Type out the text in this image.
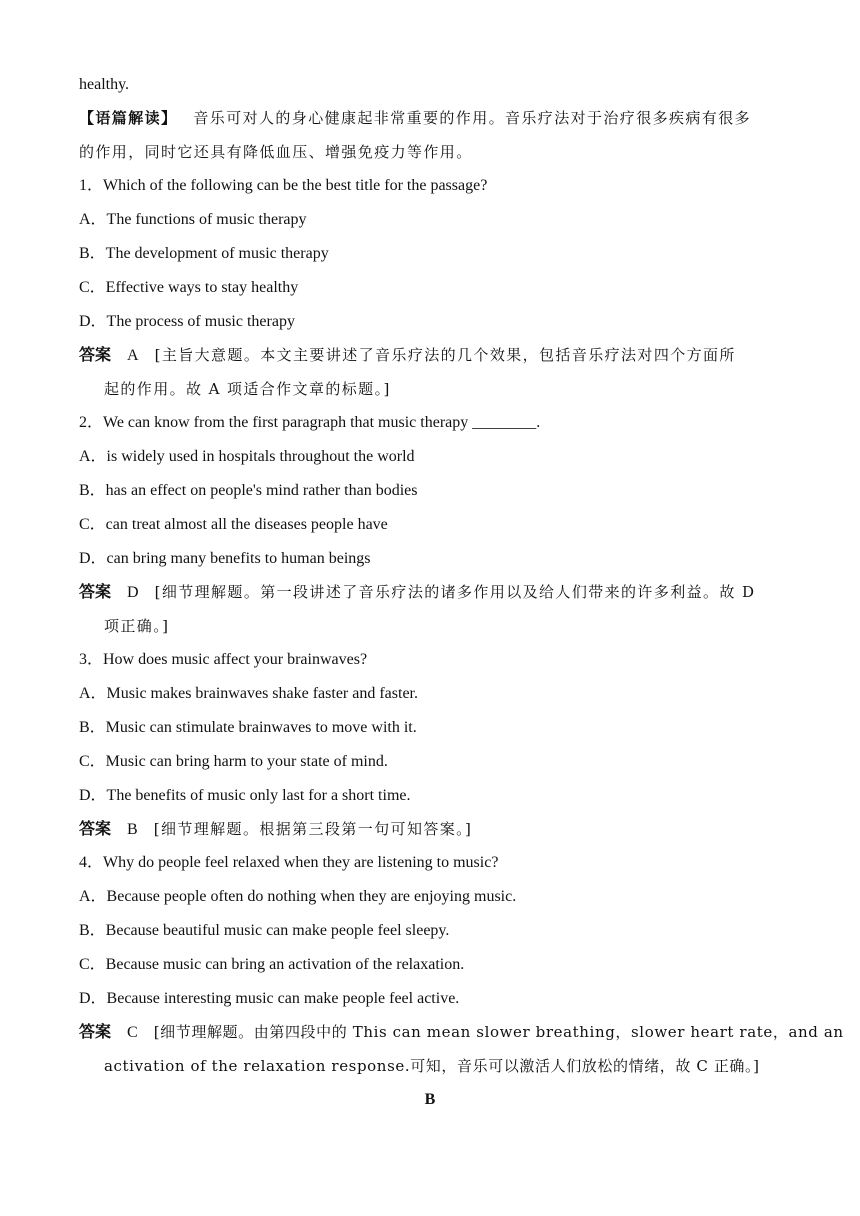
healthy.
【语篇解读】 音乐可对人的身心健康起非常重要的作用。音乐疗法对于治疗很多疾病有很多
的作用，同时它还具有降低血压、增强免疫力等作用。
1．Which of the following can be the best title for the passage?
A．The functions of music therapy
B．The development of music therapy
C．Effective ways to stay healthy
D．The process of music therapy
答案 A [主旨大意题。本文主要讲述了音乐疗法的几个效果，包括音乐疗法对四个方面所
起的作用。故 A 项适合作文章的标题。]
2．We can know from the first paragraph that music therapy ________.
A．is widely used in hospitals throughout the world
B．has an effect on people's mind rather than bodies
C．can treat almost all the diseases people have
D．can bring many benefits to human beings
答案 D [细节理解题。第一段讲述了音乐疗法的诸多作用以及给人们带来的许多利益。故 D
项正确。]
3．How does music affect your brainwaves?
A．Music makes brainwaves shake faster and faster.
B．Music can stimulate brainwaves to move with it.
C．Music can bring harm to your state of mind.
D．The benefits of music only last for a short time.
答案 B [细节理解题。根据第三段第一句可知答案。]
4．Why do people feel relaxed when they are listening to music?
A．Because people often do nothing when they are enjoying music.
B．Because beautiful music can make people feel sleepy.
C．Because music can bring an activation of the relaxation.
D．Because interesting music can make people feel active.
答案 C [细节理解题。由第四段中的 This can mean slower breathing，slower heart rate，and an
activation of the relaxation response.可知，音乐可以激活人们放松的情绪，故 C 正确。]
B
